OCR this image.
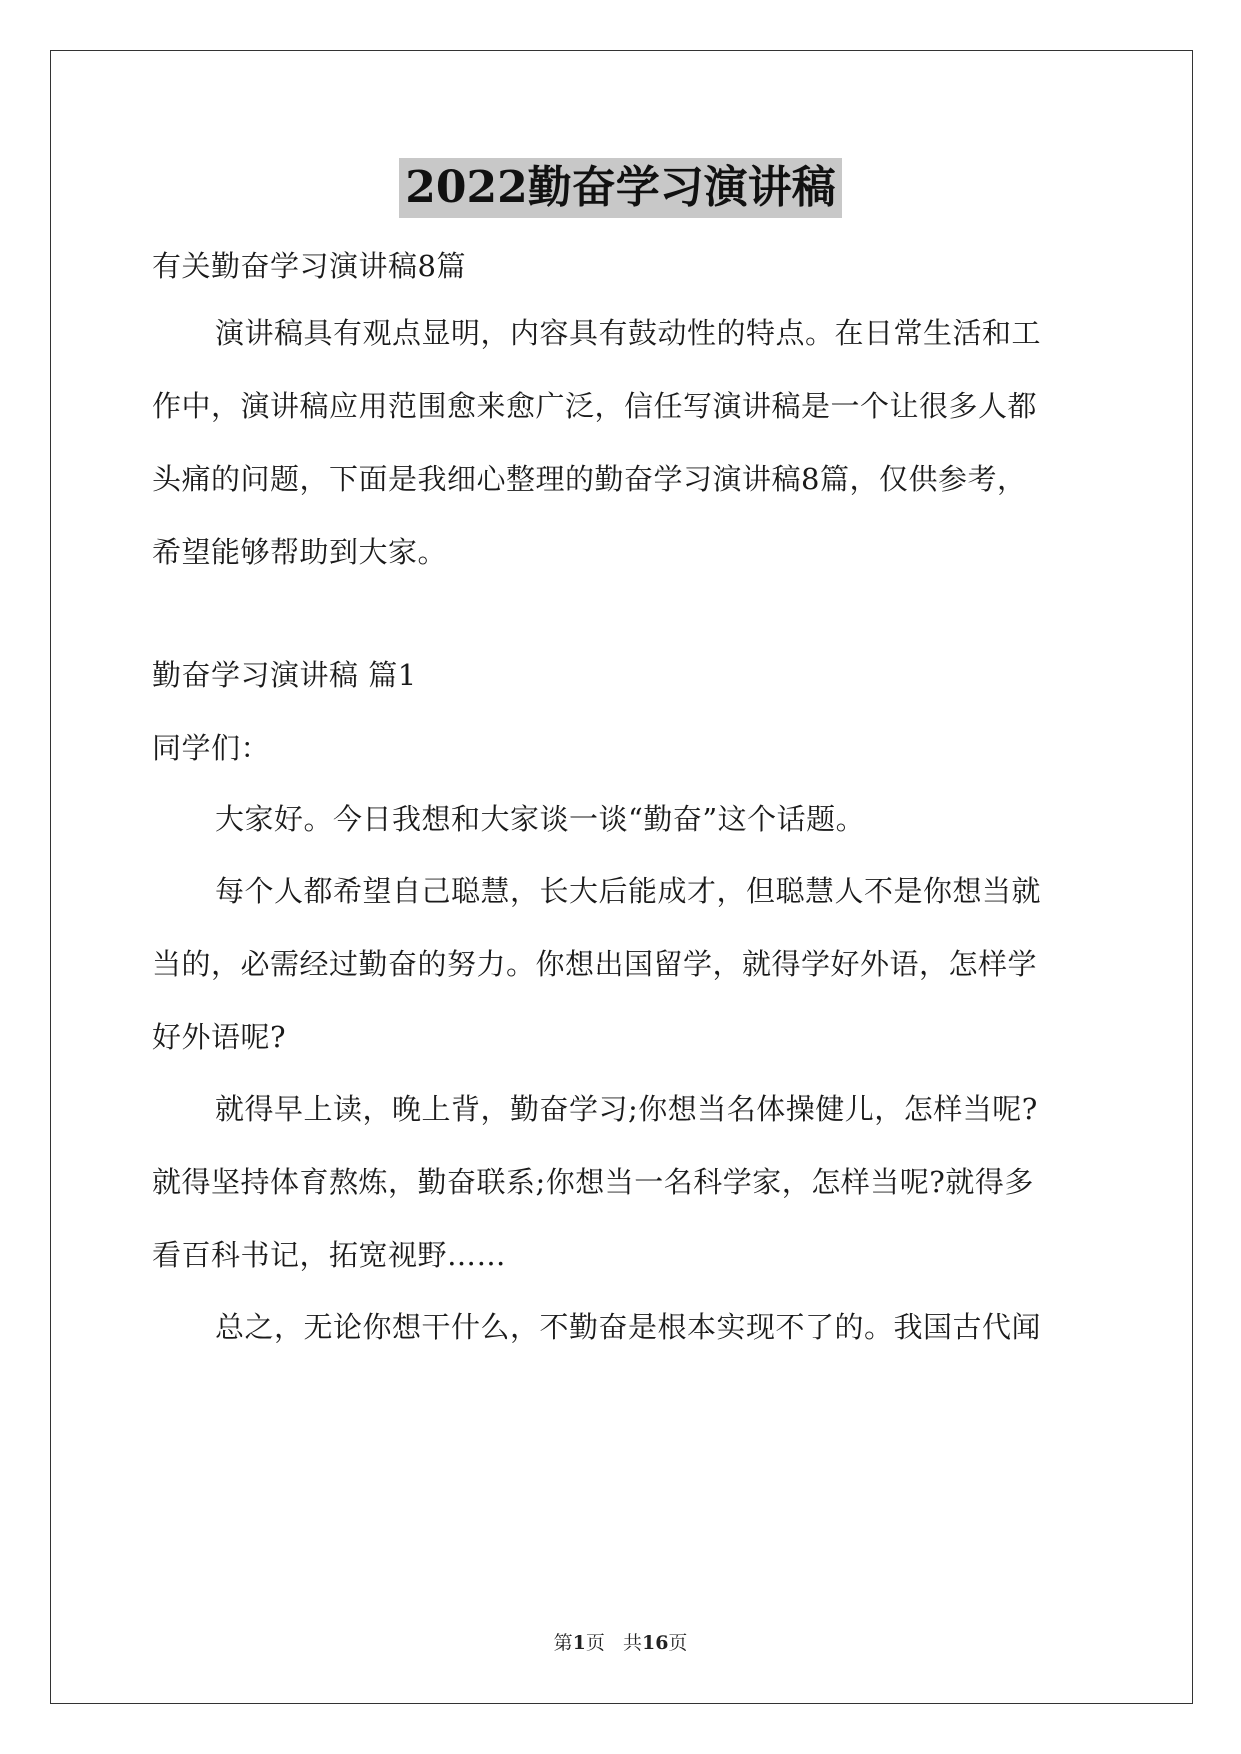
2022勤奋学习演讲稿
有关勤奋学习演讲稿8篇
演讲稿具有观点显明，内容具有鼓动性的特点。在日常生活和工
作中，演讲稿应用范围愈来愈广泛，信任写演讲稿是一个让很多人都
头痛的问题，下面是我细心整理的勤奋学习演讲稿8篇，仅供参考，
希望能够帮助到大家。
勤奋学习演讲稿 篇1
同学们：
大家好。今日我想和大家谈一谈“勤奋”这个话题。
每个人都希望自己聪慧，长大后能成才，但聪慧人不是你想当就
当的，必需经过勤奋的努力。你想出国留学，就得学好外语，怎样学
好外语呢?
就得早上读，晚上背，勤奋学习;你想当名体操健儿，怎样当呢?
就得坚持体育熬炼，勤奋联系;你想当一名科学家，怎样当呢?就得多
看百科书记，拓宽视野……
总之，无论你想干什么，不勤奋是根本实现不了的。我国古代闻
第1页 共16页
